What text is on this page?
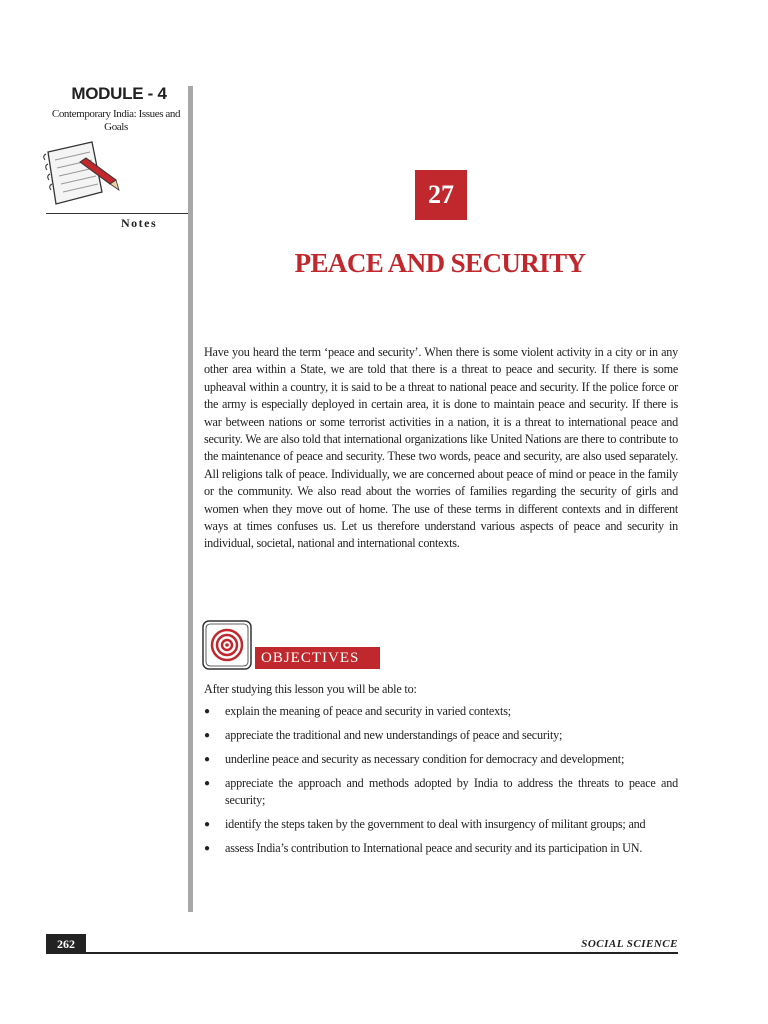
MODULE - 4
Contemporary India: Issues and Goals
Notes
27
PEACE AND SECURITY

Have you heard the term ‘peace and security’. When there is some violent activity in a city or in any other area within a State, we are told that there is a threat to peace and security. If there is some upheaval within a country, it is said to be a threat to national peace and security. If the police force or the army is especially deployed in certain area, it is done to maintain peace and security. If there is war between nations or some terrorist activities in a nation, it is a threat to international peace and security. We are also told that international organizations like United Nations are there to contribute to the maintenance of peace and security. These two words, peace and security, are also used separately. All religions talk of peace. Individually, we are concerned about peace of mind or peace in the family or the community. We also read about the worries of families regarding the security of girls and women when they move out of home. The use of these terms in different contexts and in different ways at times confuses us. Let us therefore understand various aspects of peace and security in individual, societal, national and international contexts.

OBJECTIVES
After studying this lesson you will be able to:
● explain the meaning of peace and security in varied contexts;
● appreciate the traditional and new understandings of peace and security;
● underline peace and security as necessary condition for democracy and development;
● appreciate the approach and methods adopted by India to address the threats to peace and security;
● identify the steps taken by the government to deal with insurgency of militant groups; and
● assess India’s contribution to International peace and security and its participation in UN.
262	SOCIAL SCIENCE
